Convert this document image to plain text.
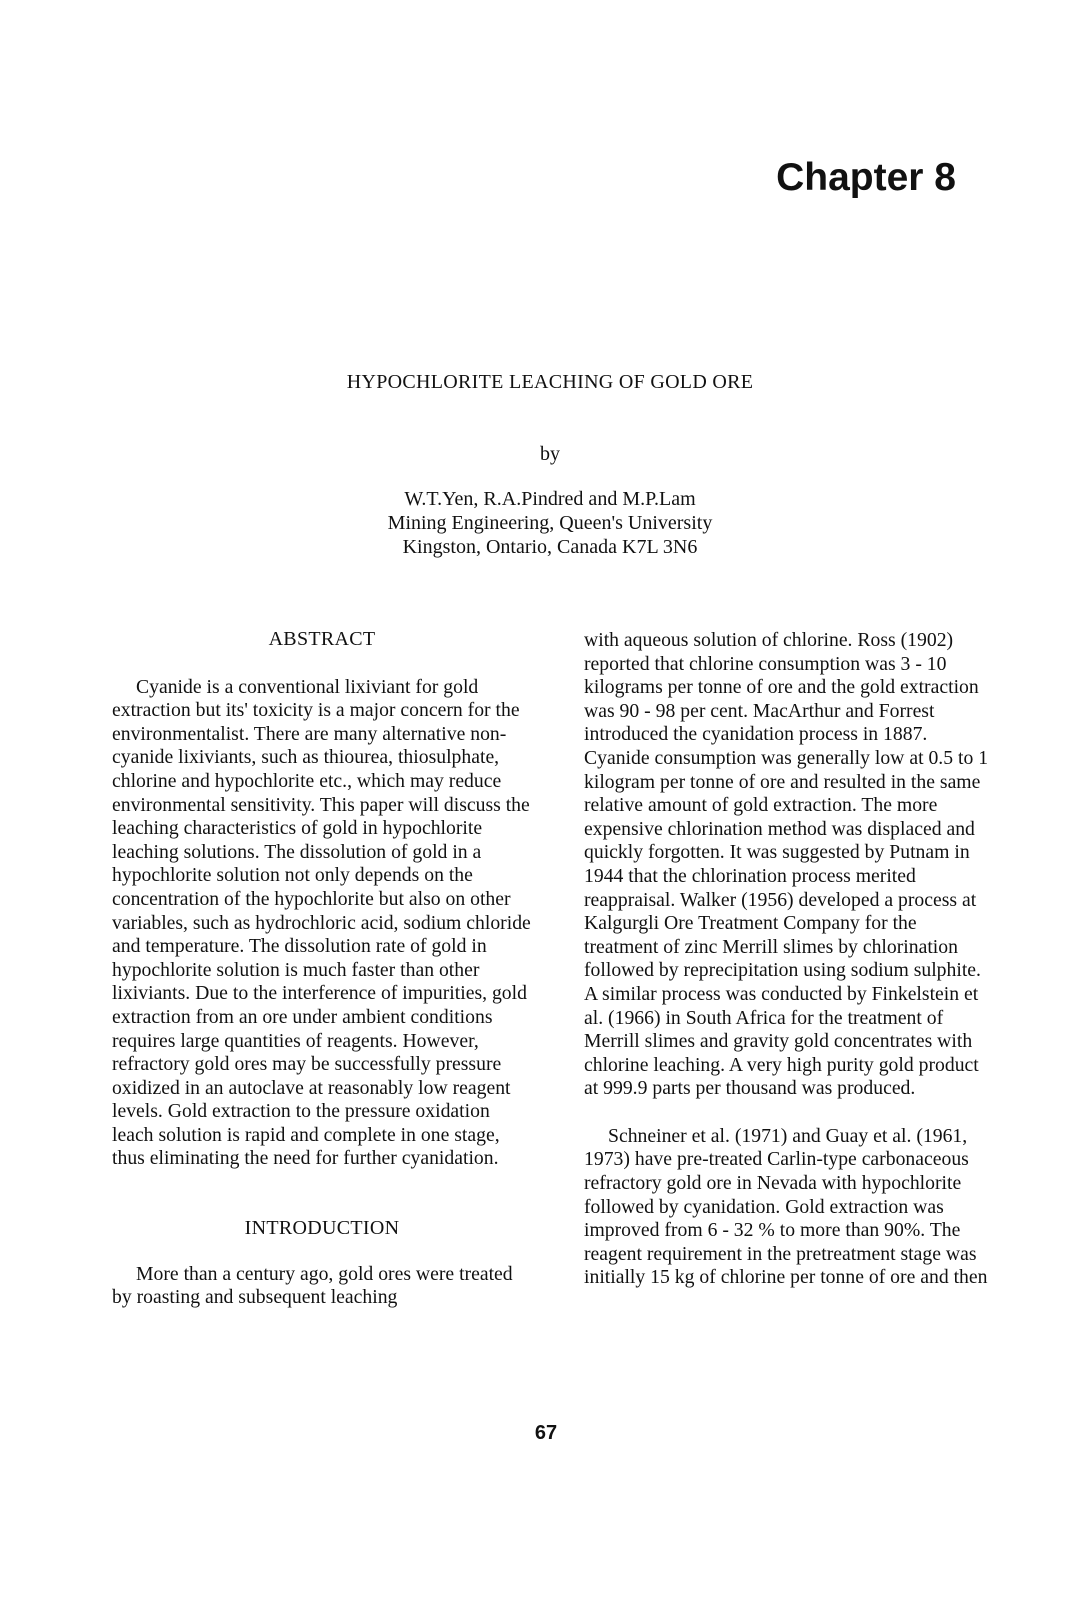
Chapter 8
HYPOCHLORITE LEACHING OF GOLD ORE
by
W.T.Yen, R.A.Pindred and M.P.Lam
Mining Engineering, Queen's University
Kingston, Ontario, Canada K7L 3N6
ABSTRACT

Cyanide is a conventional lixiviant for gold extraction but its' toxicity is a major concern for the environmentalist. There are many alternative non-cyanide lixiviants, such as thiourea, thiosulphate, chlorine and hypochlorite etc., which may reduce environmental sensitivity. This paper will discuss the leaching characteristics of gold in hypochlorite leaching solutions. The dissolution of gold in a hypochlorite solution not only depends on the concentration of the hypochlorite but also on other variables, such as hydrochloric acid, sodium chloride and temperature. The dissolution rate of gold in hypochlorite solution is much faster than other lixiviants. Due to the interference of impurities, gold extraction from an ore under ambient conditions requires large quantities of reagents. However, refractory gold ores may be successfully pressure oxidized in an autoclave at reasonably low reagent levels. Gold extraction to the pressure oxidation leach solution is rapid and complete in one stage, thus eliminating the need for further cyanidation.

INTRODUCTION

More than a century ago, gold ores were treated by roasting and subsequent leaching

with aqueous solution of chlorine. Ross (1902) reported that chlorine consumption was 3 - 10 kilograms per tonne of ore and the gold extraction was 90 - 98 per cent. MacArthur and Forrest introduced the cyanidation process in 1887. Cyanide consumption was generally low at 0.5 to 1 kilogram per tonne of ore and resulted in the same relative amount of gold extraction. The more expensive chlorination method was displaced and quickly forgotten. It was suggested by Putnam in 1944 that the chlorination process merited reappraisal. Walker (1956) developed a process at Kalgurgli Ore Treatment Company for the treatment of zinc Merrill slimes by chlorination followed by reprecipitation using sodium sulphite. A similar process was conducted by Finkelstein et al. (1966) in South Africa for the treatment of Merrill slimes and gravity gold concentrates with chlorine leaching. A very high purity gold product at 999.9 parts per thousand was produced.

Schneiner et al. (1971) and Guay et al. (1961, 1973) have pre-treated Carlin-type carbonaceous refractory gold ore in Nevada with hypochlorite followed by cyanidation. Gold extraction was improved from 6 - 32 % to more than 90%. The reagent requirement in the pretreatment stage was initially 15 kg of chlorine per tonne of ore and then

67
